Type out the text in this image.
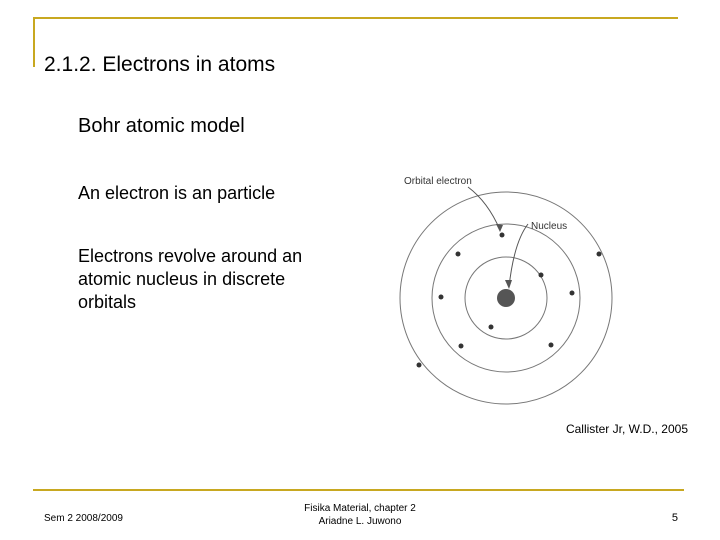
2.1.2. Electrons in atoms
Bohr atomic model
An electron is an particle
Electrons revolve around an atomic nucleus in discrete orbitals
Orbital electron
Nucleus
Callister Jr, W.D., 2005
Sem 2 2008/2009
Fisika Material, chapter 2
Ariadne L. Juwono	5
